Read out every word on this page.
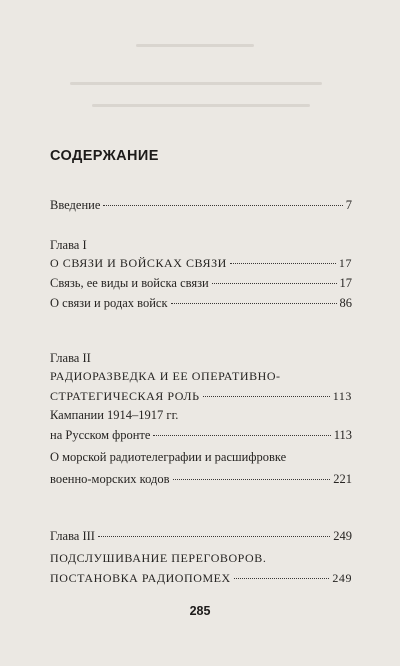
СОДЕРЖАНИЕ
Введение	7
Глава I
О СВЯЗИ И ВОЙСКАХ СВЯЗИ	17
Связь, ее виды и войска связи	17
О связи и родах войск	86
Глава II
РАДИОРАЗВЕДКА И ЕЕ ОПЕРАТИВНО-
СТРАТЕГИЧЕСКАЯ РОЛЬ	113
Кампании 1914–1917 гг.
на Русском фронте	113
О морской радиотелеграфии и расшифровке
военно-морских кодов	221
Глава III	249
ПОДСЛУШИВАНИЕ ПЕРЕГОВОРОВ.
ПОСТАНОВКА РАДИОПОМЕХ	249
285
